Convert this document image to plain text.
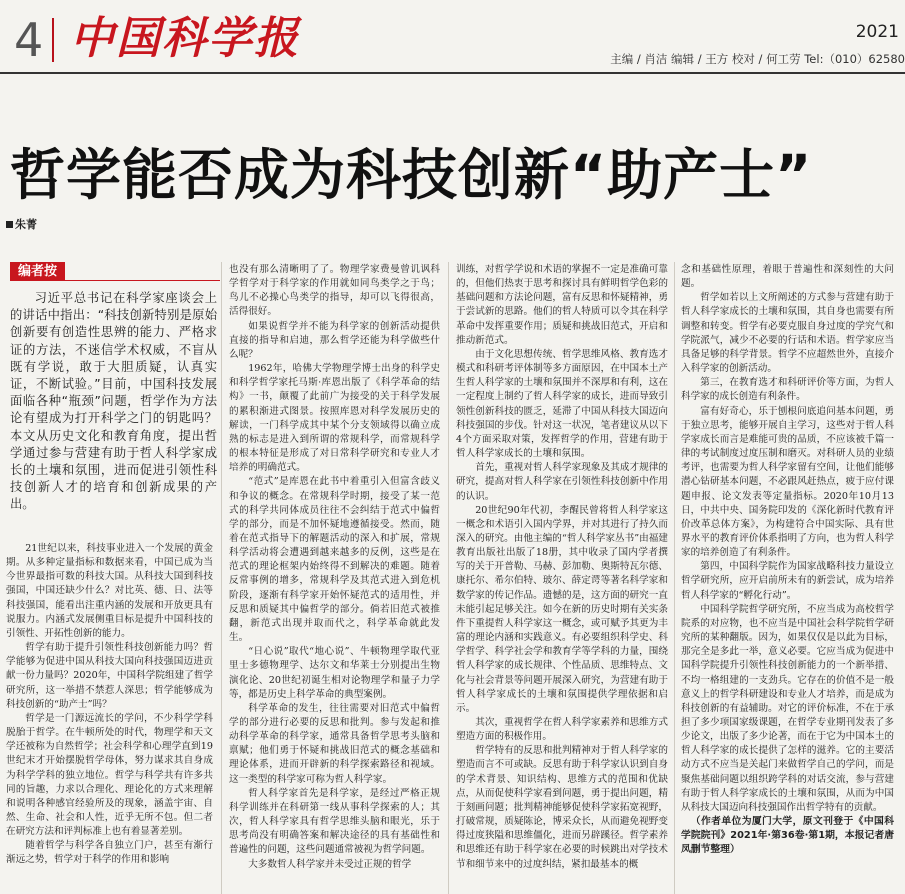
4 中国科学报	2021
主编 / 肖洁 编辑 / 王方 校对 / 何工劳 Tel:（010）62580
哲学能否成为科技创新“助产士”
朱菁
编者按

习近平总书记在科学家座谈会上的讲话中指出：“科技创新特别是原始创新要有创造性思辨的能力、严格求证的方法，不迷信学术权威，不盲从既有学说，敢于大胆质疑，认真实证，不断试验。”目前，中国科技发展面临各种“瓶颈”问题，哲学作为方法论有望成为打开科学之门的钥匙吗？本文从历史文化和教育角度，提出哲学通过参与营建有助于哲人科学家成长的土壤和氛围，进而促进引领性科技创新人才的培育和创新成果的产出。

21世纪以来，科技事业进入一个发展的黄金期。从多种定量指标和数据来看，中国已成为当今世界最指可数的科技大国。从科技大国到科技强国，中国还缺少什么？对比英、德、日、法等科技强国，能看出注重内涵的发展和开放更具有说服力。内涵式发展侧重目标是提升中国科技的引领性、开拓性创新的能力。

哲学有助于提升引领性科技创新能力吗？哲学能够为促进中国从科技大国向科技强国迈进贡献一份力量吗？2020年，中国科学院组建了哲学研究所，这一举措不禁惹人深思；哲学能够成为科技创新的“助产士”吗？

哲学是一门源远流长的学问，不少科学学科脱胎于哲学。在牛顿所处的时代，物理学和天文学还被称为自然哲学；社会科学和心理学直到19世纪末才开始摆脱哲学母体，努力谋求其自身成为科学学科的独立地位。哲学与科学共有许多共同的旨趣，力求以合理化、理论化的方式来理解和说明各种感官经验所及的现象，涵盖宇宙、自然、生命、社会和人性，近乎无所不包。但二者在研究方法和评判标准上也有着显著差别。

随着哲学与科学各自独立门户，甚至有渐行渐远之势，哲学对于科学的作用和影响

也没有那么清晰明了了。物理学家费曼曾讥讽科学哲学对于科学家的作用就如同鸟类学之于鸟；鸟儿不必操心鸟类学的指导，却可以飞得很高，活得很好。

如果说哲学并不能为科学家的创新活动提供直接的指导和启迪，那么哲学还能为科学做些什么呢？

1962年，哈佛大学物理学博士出身的科学史和科学哲学家托马斯·库恩出版了《科学革命的结构》一书，颠覆了此前广为接受的关于科学发展的累积渐进式图景。按照库恩对科学发展历史的解读，一门科学成其中某个分支领域得以确立成熟的标志是进入到所谓的常规科学，而常规科学的根本特征是形成了对日常科学研究和专业人才培养的明确范式。

“范式”是库恩在此书中着重引入但富含歧义和争议的概念。在常规科学时期，接受了某一范式的科学共同体成员往往不会纠结于范式中偏哲学的部分，而是不加怀疑地遵循接受。然而，随着在范式指导下的解题活动的深入和扩展，常规科学活动将会遭遇到越来越多的反例，这些是在范式的理论框架内始终得不到解决的难题。随着反常事例的增多，常规科学及其范式进入到危机阶段，逐渐有科学家开始怀疑范式的适用性，并反思和质疑其中偏哲学的部分。倘若旧范式被推翻，新范式出现并取而代之，科学革命就此发生。

“日心说”取代“地心说”、牛顿物理学取代亚里士多德物理学、达尔文和华莱士分别提出生物演化论、20世纪初诞生相对论物理学和量子力学等，都是历史上科学革命的典型案例。

科学革命的发生，往往需要对旧范式中偏哲学的部分进行必要的反思和批判。参与发起和推动科学革命的科学家，通常具备哲学思考头脑和禀赋；他们勇于怀疑和挑战旧范式的概念基础和理论体系，进而开辟新的科学探索路径和视域。这一类型的科学家可称为哲人科学家。

哲人科学家首先是科学家，是经过严格正规科学训练并在科研第一线从事科学探索的人；其次，哲人科学家具有哲学思维头脑和眼光，乐于思考尚没有明确答案和解决途径的具有基础性和普遍性的问题，这些问题通常被视为哲学问题。

大多数哲人科学家并未受过正规的哲学

训练，对哲学学说和术语的掌握不一定是准确可靠的，但他们热衷于思考和探讨具有鲜明哲学色彩的基础问题和方法论问题，富有反思和怀疑精神，勇于尝试新的思路。他们的哲人特质可以令其在科学革命中发挥重要作用；质疑和挑战旧范式，开启和推动新范式。

由于文化思想传统、哲学思维风格、教育选才模式和科研考评体制等多方面原因，在中国本土产生哲人科学家的土壤和氛围并不深厚和有利，这在一定程度上制约了哲人科学家的成长，进而导致引领性创新科技的匮乏，延滞了中国从科技大国迈向科技强国的步伐。针对这一状况，笔者建议从以下4个方面采取对策，发挥哲学的作用，营建有助于哲人科学家成长的土壤和氛围。

首先，重视对哲人科学家现象及其成才规律的研究，提高对哲人科学家在引领性科技创新中作用的认识。

20世纪90年代初，李醒民曾将哲人科学家这一概念和术语引入国内学界，并对其进行了持久而深入的研究。由他主编的“哲人科学家丛书”由福建教育出版社出版了18册，其中收录了国内学者撰写的关于开普勒、马赫、彭加勒、奥斯特瓦尔德、康托尔、希尔伯特、玻尔、薛定谔等著名科学家和数学家的传记作品。遗憾的是，这方面的研究一直未能引起足够关注。如今在新的历史时期有关实条件下重提哲人科学家这一概念，或可赋予其更为丰富的理论内涵和实践意义。有必要组织科学史、科学哲学、科学社会学和教育学等学科的力量，围绕哲人科学家的成长规律、个性品质、思维特点、文化与社会背景等问题开展深入研究，为营建有助于哲人科学家成长的土壤和氛围提供学理依据和启示。

其次，重视哲学在哲人科学家素养和思维方式塑造方面的积极作用。

哲学特有的反思和批判精神对于哲人科学家的塑造而言不可或缺。反思有助于科学家认识到自身的学术背景、知识结构、思维方式的范围和优缺点，从而促使科学家看到问题，勇于提出问题，精于刻画问题；批判精神能够促使科学家拓宽视野，打破常规，质疑陈论，博采众长，从而避免视野变得过度狭隘和思维僵化，进而另辟蹊径。哲学素养和思维还有助于科学家在必要的时候跳出对学技术节和细节来中的过度纠结，紧扣最基本的概

念和基础性原理，着眼于普遍性和深刻性的大问题。

哲学如若以上文所阐述的方式参与营建有助于哲人科学家成长的土壤和氛围，其自身也需要有所调整和转变。哲学有必要克服自身过度的学究气和学院派气，减少不必要的行话和术语。哲学家应当具备足够的科学背景。哲学不应超然世外，直接介入科学家的创新活动。

第三，在教育选才和科研评价等方面，为哲人科学家的成长创造有利条件。

富有好奇心，乐于刨根问底追问基本问题，勇于独立思考，能够开展自主学习，这些对于哲人科学家成长而言是难能可贵的品质，不应该被千篇一律的考试制度过度压制和磨灭。对科研人员的业绩考评，也需要为哲人科学家留有空间，让他们能够潜心钻研基本问题，不必跟风赶热点，疲于应付课题申报、论文发表等定量指标。2020年10月13日，中共中央、国务院印发的《深化新时代教育评价改革总体方案》，为构建符合中国实际、具有世界水平的教育评价体系指明了方向，也为哲人科学家的培养创造了有利条件。

第四，中国科学院作为国家战略科技力量设立哲学研究所，应开启前所未有的新尝试，成为培养哲人科学家的“孵化行动”。

中国科学院哲学研究所，不应当成为高校哲学院系的对应物，也不应当是中国社会科学院哲学研究所的某种翻版。因为，如果仅仅是以此为目标，那完全是多此一举，意义必要。它应当成为促进中国科学院提升引领性科技创新能力的一个新举措、不均一格组建的一支劲兵。它存在的价值不是一般意义上的哲学科研建设和专业人才培养，而是成为科技创新的有益辅助。对它的评价标准，不在于承担了多少项国家级课题，在哲学专业期刊发表了多少论文，出版了多少论著，而在于它为中国本土的哲人科学家的成长提供了怎样的滋养。它的主要活动方式不应当是关起门来做哲学自己的学问，而是聚焦基础问题以组织跨学科的对话交流，参与营建有助于哲人科学家成长的土壤和氛围，从而为中国从科技大国迈向科技强国作出哲学特有的贡献。

（作者单位为厦门大学，原文刊登于《中国科学院院刊》2021年·第36卷·第1期，本报记者唐凤删节整理）
